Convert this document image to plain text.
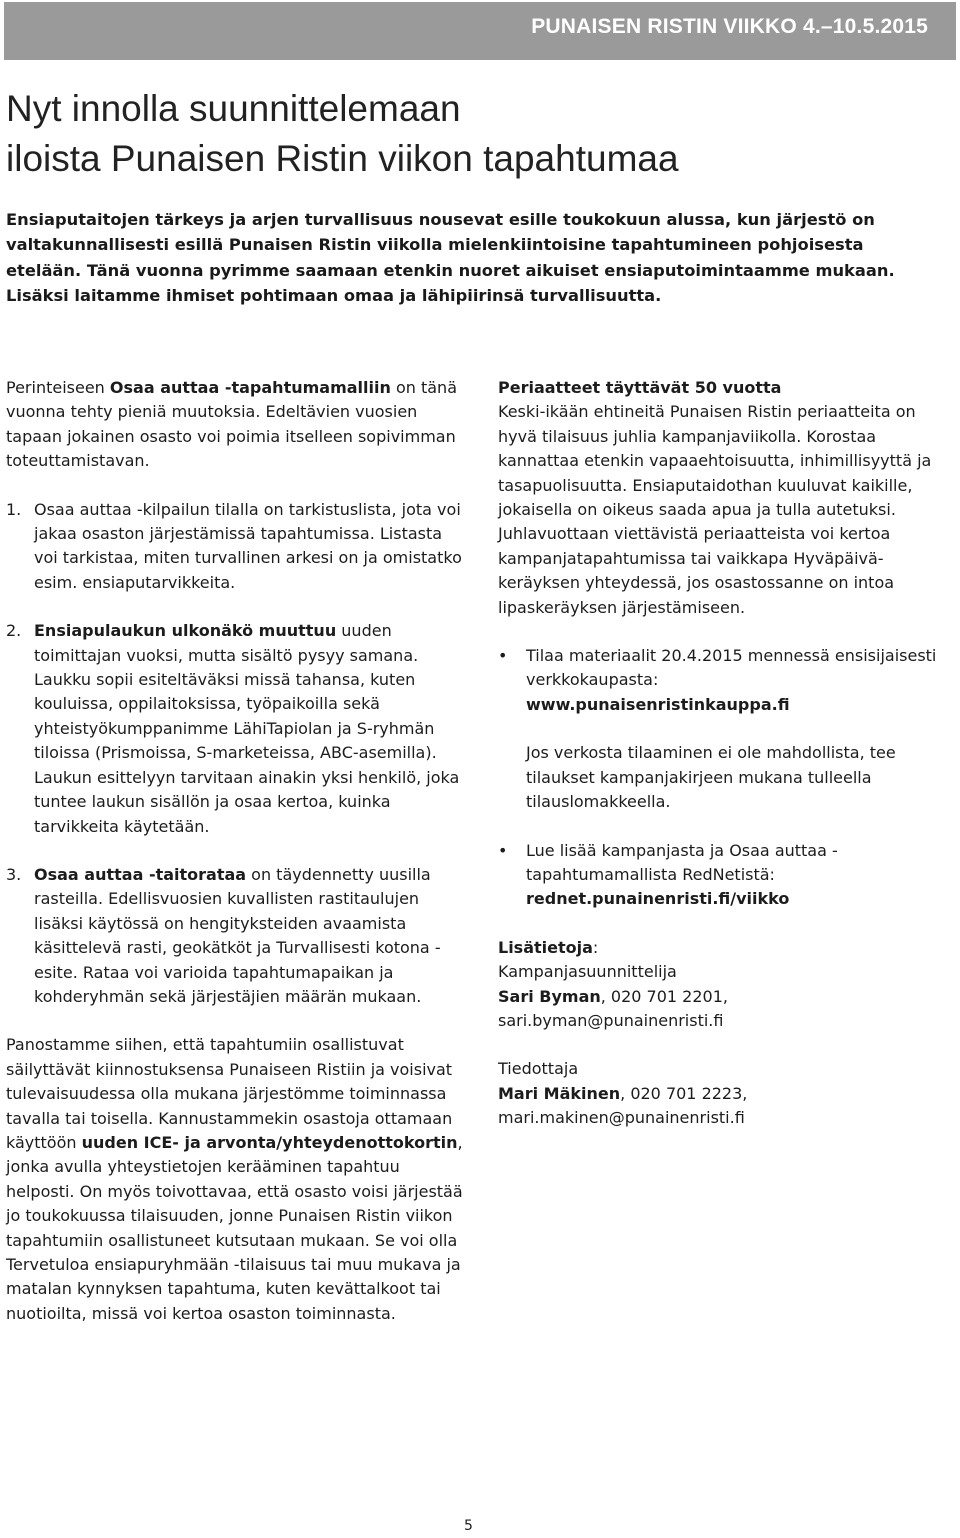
PUNAISEN RISTIN VIIKKO 4.–10.5.2015
Nyt innolla suunnittelemaan
iloista Punaisen Ristin viikon tapahtumaa

Ensiaputaitojen tärkeys ja arjen turvallisuus nousevat esille toukokuun alussa, kun järjestö on valtakunnallisesti esillä Punaisen Ristin viikolla mielenkiintoisine tapahtumineen pohjoisesta etelään. Tänä vuonna pyrimme saamaan etenkin nuoret aikuiset ensiaputoimintaamme mukaan. Lisäksi laitamme ihmiset pohtimaan omaa ja lähipiirinsä turvallisuutta.

Perinteiseen Osaa auttaa -tapahtumamalliin on tänä vuonna tehty pieniä muutoksia. Edeltävien vuosien tapaan jokainen osasto voi poimia itselleen sopivimman toteuttamistavan.

1. Osaa auttaa -kilpailun tilalla on tarkistuslista, jota voi jakaa osaston järjestämissä tapahtumissa. Listasta voi tarkistaa, miten turvallinen arkesi on ja omistatko esim. ensiaputarvikkeita.
2. Ensiapulaukun ulkonäkö muuttuu uuden toimittajan vuoksi, mutta sisältö pysyy samana. Laukku sopii esiteltäväksi missä tahansa, kuten kouluissa, oppilaitoksissa, työpaikoilla sekä yhteistyökumppanimme LähiTapiolan ja S-ryhmän tiloissa (Prismoissa, S-marketeissa, ABC-asemilla). Laukun esittelyyn tarvitaan ainakin yksi henkilö, joka tuntee laukun sisällön ja osaa kertoa, kuinka tarvikkeita käytetään.
3. Osaa auttaa -taitorataa on täydennetty uusilla rasteilla. Edellisvuosien kuvallisten rastitaulujen lisäksi käytössä on hengityksteiden avaamista käsittelevä rasti, geokätköt ja Turvallisesti kotona -esite. Rataa voi varioida tapahtumapaikan ja kohderyhmän sekä järjestäjien määrän mukaan.

Panostamme siihen, että tapahtumiin osallistuvat säilyttävät kiinnostuksensa Punaiseen Ristiin ja voisivat tulevaisuudessa olla mukana järjestömme toiminnassa tavalla tai toisella. Kannustammekin osastoja ottamaan käyttöön uuden ICE- ja arvonta/yhteydenottokortin, jonka avulla yhteystietojen kerääminen tapahtuu helposti. On myös toivottavaa, että osasto voisi järjestää jo toukokuussa tilaisuuden, jonne Punaisen Ristin viikon tapahtumiin osallistuneet kutsutaan mukaan. Se voi olla Tervetuloa ensiapuryhmään -tilaisuus tai muu mukava ja matalan kynnyksen tapahtuma, kuten kevättalkoot tai nuotioilta, missä voi kertoa osaston toiminnasta.

Periaatteet täyttävät 50 vuotta

Keski-ikään ehtineitä Punaisen Ristin periaatteita on hyvä tilaisuus juhlia kampanjaviikolla. Korostaa kannattaa etenkin vapaaehtoisuutta, inhimillisyyttä ja tasapuolisuutta. Ensiaputaidothan kuuluvat kaikille, jokaisella on oikeus saada apua ja tulla autetuksi. Juhlavuottaan viettävistä periaatteista voi kertoa kampanjatapahtumissa tai vaikkapa Hyväpäivä-keräyksen yhteydessä, jos osastossanne on intoa lipaskeräyksen järjestämiseen.

•	Tilaa materiaalit 20.4.2015 mennessä ensisijaisesti verkkokaupasta:

www.punaisenristinkauppa.fi

Jos verkosta tilaaminen ei ole mahdollista, tee tilaukset kampanjakirjeen mukana tulleella tilauslomakkeella.

•	Lue lisää kampanjasta ja Osaa auttaa -tapahtumamallista RedNetistä:

rednet.punainenristi.fi/viikko

Lisätietoja:

Kampanjasuunnittelija

Sari Byman, 020 701 2201,

sari.byman@punainenristi.fi

Tiedottaja

Mari Mäkinen, 020 701 2223,

mari.makinen@punainenristi.fi

5
